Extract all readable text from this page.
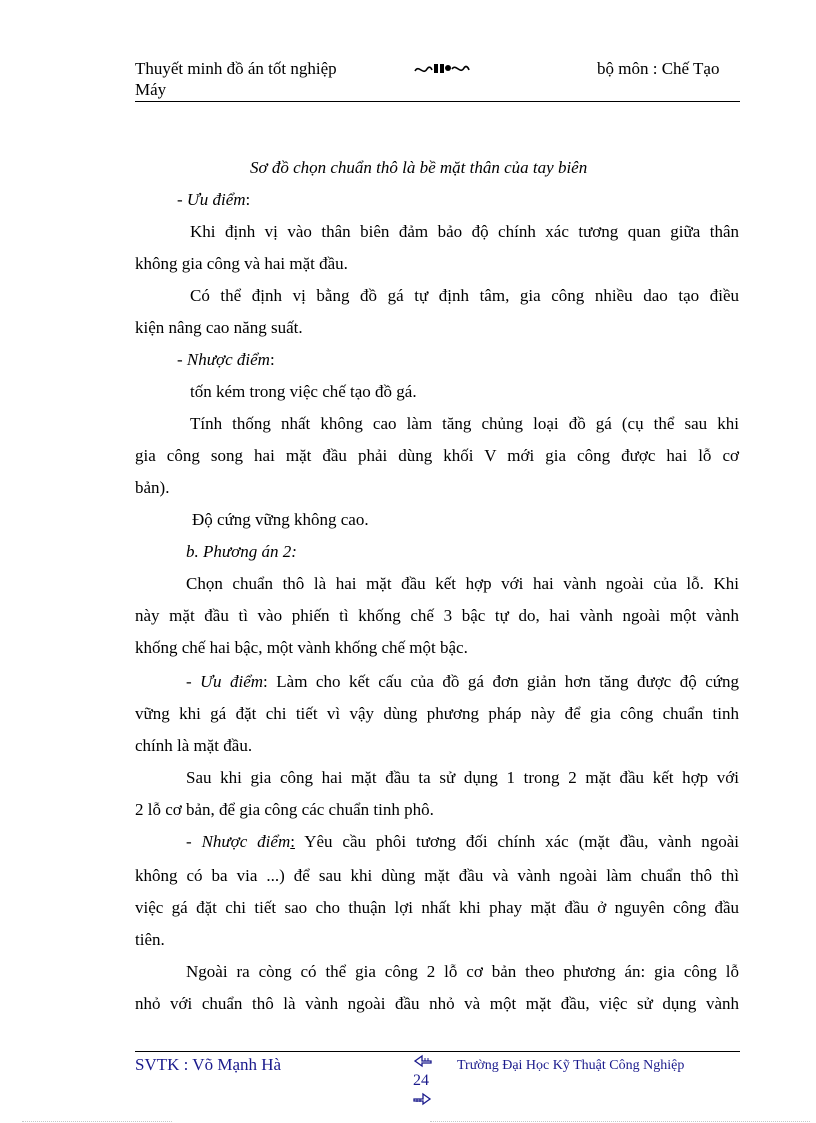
Thuyết minh đồ án tốt nghiệp
Máy
bộ môn : Chế Tạo
Sơ đồ chọn chuẩn thô là bề mặt thân của tay biên
- Ưu điểm:
Khi định vị vào thân biên đảm bảo độ chính xác tương quan giữa thân
không gia công và hai mặt đầu.
Có thể định vị bằng đồ gá tự định tâm, gia công nhiều dao tạo điều
kiện nâng cao năng suất.
- Nhược điểm:
tốn kém trong việc chế tạo đồ gá.
Tính thống nhất không cao làm tăng chủng loại đồ gá (cụ thể sau khi
gia công song hai mặt đầu phải dùng khối V mới gia công được hai lỗ cơ
bản).
Độ cứng vững không cao.
b. Phương án 2:
Chọn chuẩn thô là hai mặt đầu kết hợp với hai vành ngoài của lỗ. Khi
này mặt đầu tì vào phiến tì khống chế 3 bậc tự do, hai vành ngoài một vành
khống chế hai bậc, một vành khống chế một bậc.
- Ưu điểm: Làm cho kết cấu của đồ gá đơn giản hơn tăng được độ cứng
vững khi gá đặt chi tiết vì vậy dùng phương pháp này để gia công chuẩn tinh
chính là mặt đầu.
Sau khi gia công hai mặt đầu ta sử dụng 1 trong 2 mặt đầu kết hợp với
2 lỗ cơ bản, để gia công các chuẩn tinh phô.
- Nhược điểm: Yêu cầu phôi tương đối chính xác (mặt đầu, vành ngoài
không có ba via ...) để sau khi dùng mặt đầu và vành ngoài làm chuẩn thô thì
việc gá đặt chi tiết sao cho thuận lợi nhất khi phay mặt đầu ở nguyên công đầu
tiên.
Ngoài ra còng có thể gia công 2 lỗ cơ bản theo phương án: gia công lỗ
nhỏ với chuẩn thô là vành ngoài đầu nhỏ và một mặt đầu, việc sử dụng vành
SVTK : Võ Mạnh Hà
24
Trường Đại Học Kỹ Thuật Công Nghiệp
